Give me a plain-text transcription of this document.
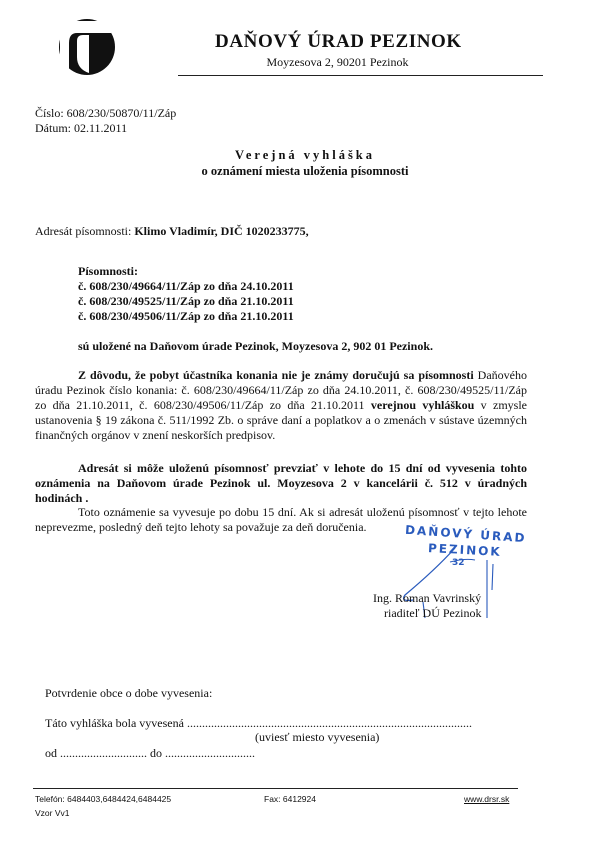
DAŇOVÝ ÚRAD PEZINOK
Moyzesova 2, 90201 Pezinok
Číslo: 608/230/50870/11/Záp
Dátum: 02.11.2011
Verejná vyhláška
o oznámení miesta uloženia písomnosti
Adresát písomnosti: Klimo Vladimír, DIČ 1020233775,
Písomnosti:
č. 608/230/49664/11/Záp zo dňa 24.10.2011
č. 608/230/49525/11/Záp zo dňa 21.10.2011
č. 608/230/49506/11/Záp zo dňa 21.10.2011
sú uložené na Daňovom úrade Pezinok, Moyzesova 2, 902 01 Pezinok.
Z dôvodu, že pobyt účastníka konania nie je známy doručujú sa písomnosti Daňového úradu Pezinok číslo konania: č. 608/230/49664/11/Záp zo dňa 24.10.2011, č. 608/230/49525/11/Záp zo dňa 21.10.2011, č. 608/230/49506/11/Záp zo dňa 21.10.2011 verejnou vyhláškou v zmysle ustanovenia § 19 zákona č. 511/1992 Zb. o správe daní a poplatkov a o zmenách v sústave územných finančných orgánov v znení neskorších predpisov.
Adresát si môže uloženú písomnosť prevziať v lehote do 15 dní od vyvesenia tohto oznámenia na Daňovom úrade Pezinok ul. Moyzesova 2 v kancelárii č. 512 v úradných hodinách .
Toto oznámenie sa vyvesuje po dobu 15 dní. Ak si adresát uloženú písomnosť v tejto lehote neprevezme, posledný deň tejto lehoty sa považuje za deň doručenia.	DAŇOVÝ ÚRAD
PEZINOK
32
Ing. Roman Vavrinský
riaditeľ DÚ Pezinok
Potvrdenie obce o dobe vyvesenia:
Táto vyhláška bola vyvesená ...............................................................................................
(uviesť miesto vyvesenia)
od ............................. do ..............................
Telefón: 6484403,6484424,6484425	Fax: 6412924	www.drsr.sk
Vzor Vv1
